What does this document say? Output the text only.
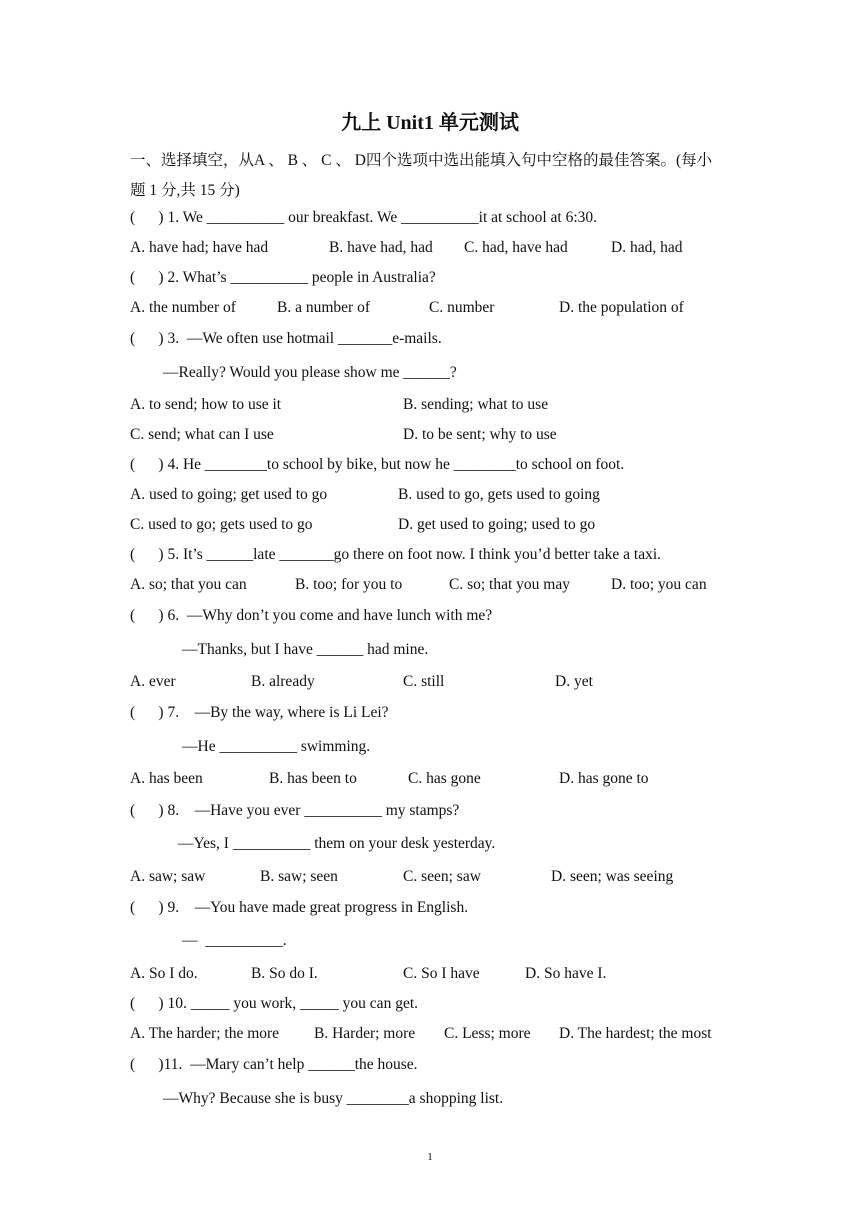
九上 Unit1 单元测试
一、选择填空，从A 、 B 、 C 、 D四个选项中选出能填入句中空格的最佳答案。(每小
题 1 分,共 15 分)
(      ) 1. We __________ our breakfast. We __________it at school at 6:30.
A. have had; have had	B. have had, had C. had, have had	D. had, had
(      ) 2. What’s __________ people in Australia?
A. the number of	B. a number of	C. number	D. the population of
(      ) 3.  —We often use hotmail _______e-mails.
—Really? Would you please show me ______?
A. to send; how to use it	B. sending; what to use
C. send; what can I use	D. to be sent; why to use
(      ) 4. He ________to school by bike, but now he ________to school on foot.
A. used to going; get used to go	B. used to go, gets used to going
C. used to go; gets used to go	D. get used to going; used to go
(      ) 5. It’s ______late _______go there on foot now. I think you’d better take a taxi.
A. so; that you can	B. too; for you to	C. so; that you may	D. too; you can
(      ) 6.  —Why don’t you come and have lunch with me?
—Thanks, but I have ______ had mine.
A. ever	B. already	C. still	D. yet
(      ) 7.    —By the way, where is Li Lei?
—He __________ swimming.
A. has been	B. has been to	C. has gone	D. has gone to
(      ) 8.    —Have you ever __________ my stamps?
—Yes, I __________ them on your desk yesterday.
A. saw; saw	B. saw; seen	C. seen; saw	D. seen; was seeing
(      ) 9.    —You have made great progress in English.
—  __________.
A. So I do.	B. So do I.	C. So I have	D. So have I.
(      ) 10. _____ you work, _____ you can get.
A. The harder; the more B. Harder; more C. Less; more D. The hardest; the most
(      )11.  —Mary can’t help ______the house.
—Why? Because she is busy ________a shopping list.
1
